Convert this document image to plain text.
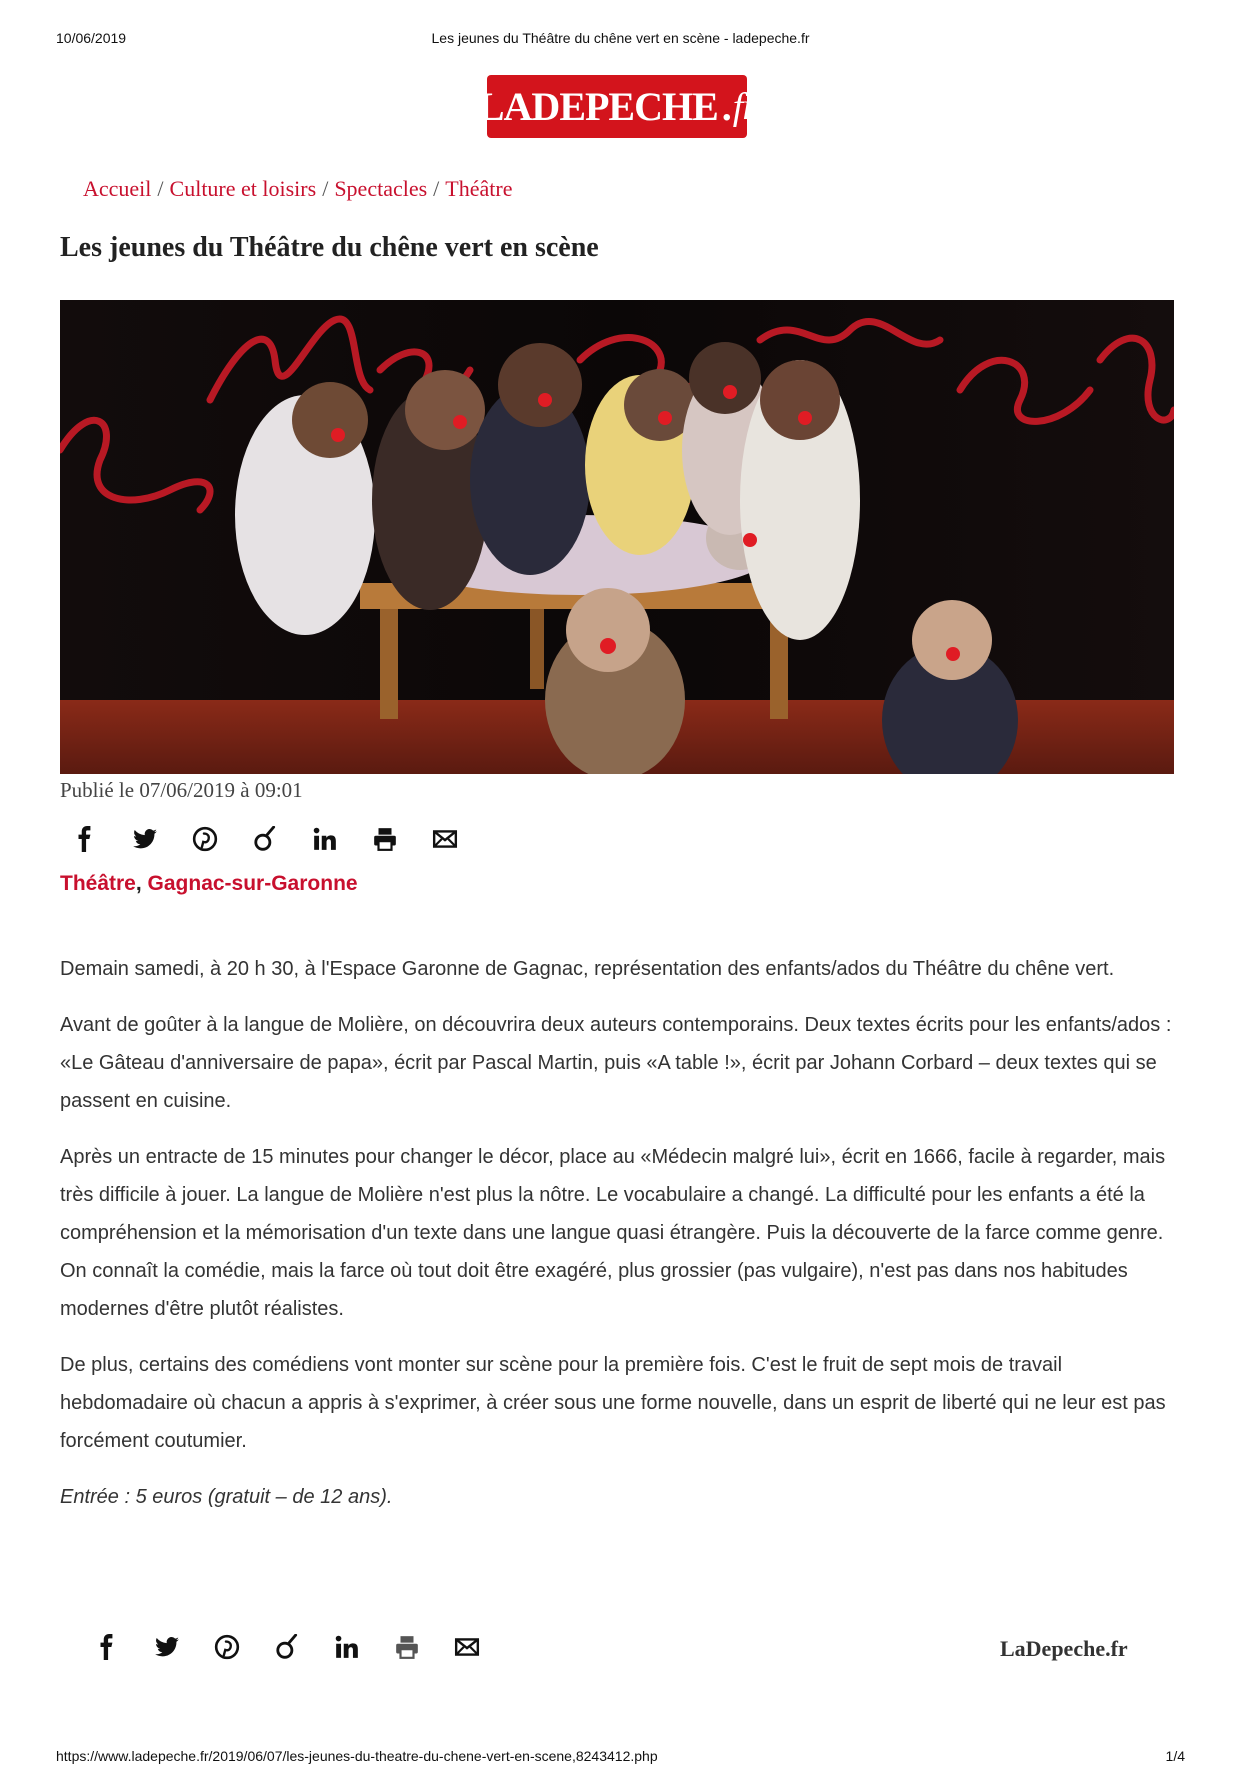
10/06/2019	Les jeunes du Théâtre du chêne vert en scène - ladepeche.fr
LADEPECHE . fr
Accueil / Culture et loisirs / Spectacles / Théâtre
Les jeunes du Théâtre du chêne vert en scène
Publié le 07/06/2019 à 09:01
Théâtre, Gagnac-sur-Garonne

Demain samedi, à 20 h 30, à l'Espace Garonne de Gagnac, représentation des enfants/ados du Théâtre du chêne vert.

Avant de goûter à la langue de Molière, on découvrira deux auteurs contemporains. Deux textes écrits pour les enfants/ados : «Le Gâteau d'anniversaire de papa», écrit par Pascal Martin, puis «A table !», écrit par Johann Corbard – deux textes qui se passent en cuisine.

Après un entracte de 15 minutes pour changer le décor, place au «Médecin malgré lui», écrit en 1666, facile à regarder, mais très difficile à jouer. La langue de Molière n'est plus la nôtre. Le vocabulaire a changé. La difficulté pour les enfants a été la compréhension et la mémorisation d'un texte dans une langue quasi étrangère. Puis la découverte de la farce comme genre. On connaît la comédie, mais la farce où tout doit être exagéré, plus grossier (pas vulgaire), n'est pas dans nos habitudes modernes d'être plutôt réalistes.

De plus, certains des comédiens vont monter sur scène pour la première fois. C'est le fruit de sept mois de travail hebdomadaire où chacun a appris à s'exprimer, à créer sous une forme nouvelle, dans un esprit de liberté qui ne leur est pas forcément coutumier.

Entrée : 5 euros (gratuit – de 12 ans).

LaDepeche.fr
https://www.ladepeche.fr/2019/06/07/les-jeunes-du-theatre-du-chene-vert-en-scene,8243412.php	1/4
